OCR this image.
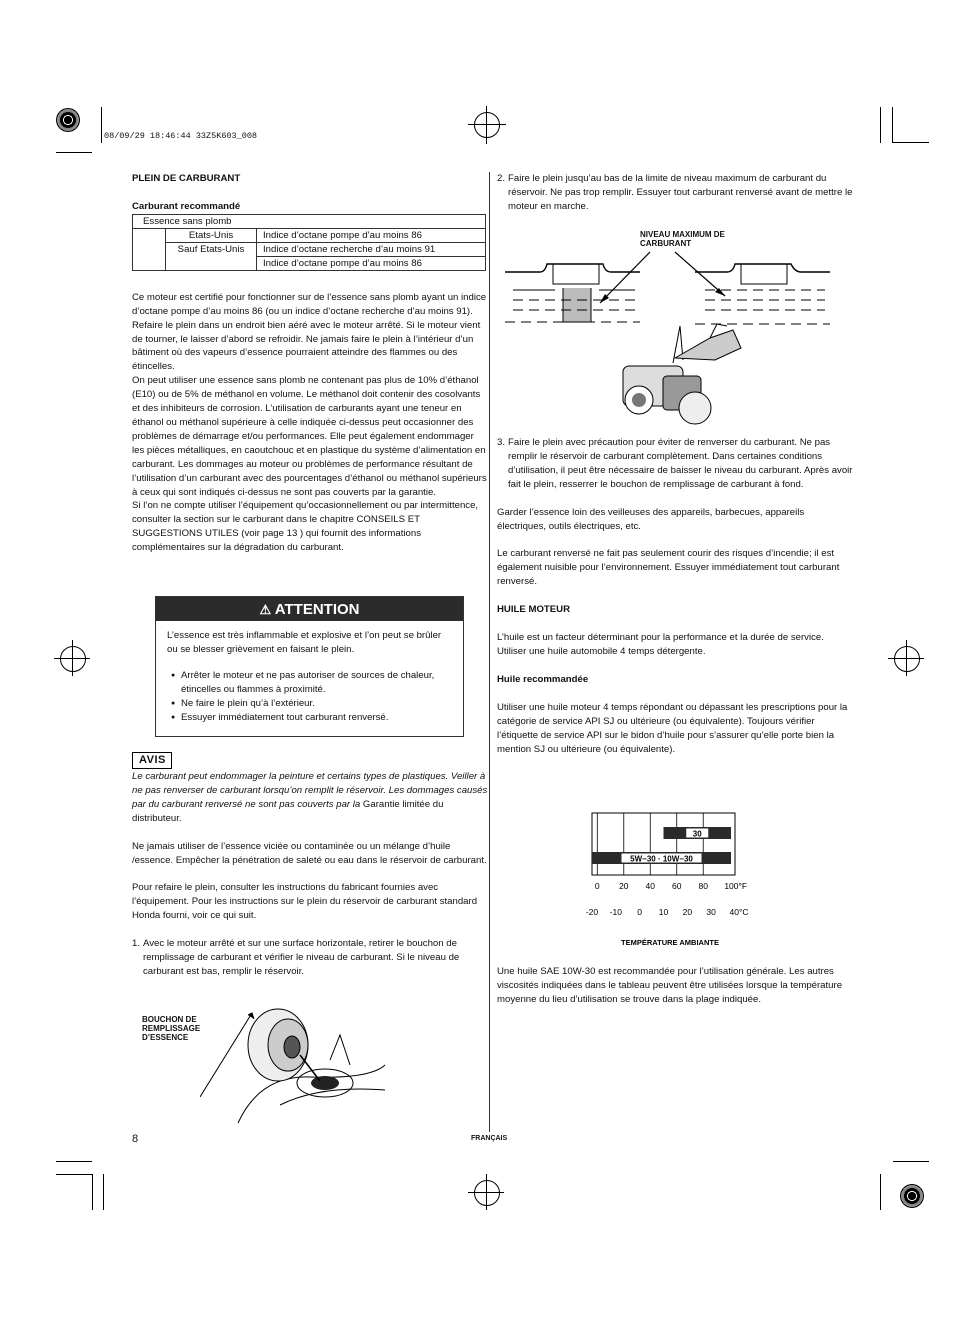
08/09/29 18:46:44 33Z5K603_008
PLEIN DE CARBURANT
Carburant recommandé
Essence sans plomb		
	Etats-Unis	Indice d’octane pompe d’au moins 86
	Sauf Etats-Unis	Indice d’octane recherche d’au moins 91
		Indice d’octane pompe d’au moins 86

Ce moteur est certifié pour fonctionner sur de l’essence sans plomb ayant un indice d’octane pompe d’au moins 86 (ou un indice d’octane recherche d’au moins 91).

Refaire le plein dans un endroit bien aéré avec le moteur arrêté. Si le moteur vient de tourner, le laisser d’abord se refroidir. Ne jamais faire le plein à l’intérieur d’un bâtiment où des vapeurs d’essence pourraient atteindre des flammes ou des étincelles.

On peut utiliser une essence sans plomb ne contenant pas plus de 10% d’éthanol (E10) ou de 5% de méthanol en volume. Le méthanol doit contenir des cosolvants et des inhibiteurs de corrosion. L’utilisation de carburants ayant une teneur en éthanol ou méthanol supérieure à celle indiquée ci-dessus peut occasionner des problèmes de démarrage et/ou performances. Elle peut également endommager les pièces métalliques, en caoutchouc et en plastique du système d’alimentation en carburant. Les dommages au moteur ou problèmes de performance résultant de l’utilisation d’un carburant avec des pourcentages d’éthanol ou méthanol supérieurs à ceux qui sont indiqués ci-dessus ne sont pas couverts par la garantie.

Si l’on ne compte utiliser l’équipement qu’occasionnellement ou par intermittence, consulter la section sur le carburant dans le chapitre CONSEILS ET SUGGESTIONS UTILES (voir page 13 ) qui fournit des informations complémentaires sur la dégradation du carburant.

⚠ ATTENTION

L’essence est très inflammable et explosive et l’on peut se brûler ou se blesser grièvement en faisant le plein.

● Arrêter le moteur et ne pas autoriser de sources de chaleur, étincelles ou flammes à proximité.
● Ne faire le plein qu’à l’extérieur.
● Essuyer immédiatement tout carburant renversé.
AVIS

Le carburant peut endommager la peinture et certains types de plastiques. Veiller à ne pas renverser de carburant lorsqu’on remplit le réservoir. Les dommages causés par du carburant renversé ne sont pas couverts par la Garantie limitée du distributeur.

Ne jamais utiliser de l’essence viciée ou contaminée ou un mélange d’huile /essence. Empêcher la pénétration de saleté ou eau dans le réservoir de carburant.

Pour refaire le plein, consulter les instructions du fabricant fournies avec l’équipement. Pour les instructions sur le plein du réservoir de carburant standard Honda fourni, voir ce qui suit.

1. Avec le moteur arrêté et sur une surface horizontale, retirer le bouchon de remplissage de carburant et vérifier le niveau de carburant. Si le niveau de carburant est bas, remplir le réservoir.
BOUCHON DE
REMPLISSAGE
D’ESSENCE
2. Faire le plein jusqu’au bas de la limite de niveau maximum de carburant du réservoir. Ne pas trop remplir. Essuyer tout carburant renversé avant de mettre le moteur en marche.
NIVEAU MAXIMUM DE
CARBURANT
3. Faire le plein avec précaution pour éviter de renverser du carburant. Ne pas remplir le réservoir de carburant complètement. Dans certaines conditions d’utilisation, il peut être nécessaire de baisser le niveau du carburant. Après avoir fait le plein, resserrer le bouchon de remplissage de carburant à fond.

Garder l’essence loin des veilleuses des appareils, barbecues, appareils électriques, outils électriques, etc.

Le carburant renversé ne fait pas seulement courir des risques d’incendie; il est également nuisible pour l’environnement. Essuyer immédiatement tout carburant renversé.

HUILE MOTEUR

L’huile est un facteur déterminant pour la performance et la durée de service. Utiliser une huile automobile 4 temps détergente.

Huile recommandée

Utiliser une huile moteur 4 temps répondant ou dépassant les prescriptions pour la catégorie de service API SJ ou ultérieure (ou équivalente). Toujours vérifier l’étiquette de service API sur le bidon d’huile pour s’assurer qu’elle porte bien la mention SJ ou ultérieure (ou équivalente).

30
5W−30 · 10W−30
0 20 40 60 80 100°F
-20 -10 0 10 20 30 40°C
TEMPÉRATURE AMBIANTE

Une huile SAE 10W-30 est recommandée pour l’utilisation générale. Les autres viscosités indiquées dans le tableau peuvent être utilisées lorsque la température moyenne du lieu d’utilisation se trouve dans la plage indiquée.

8	FRANÇAIS
